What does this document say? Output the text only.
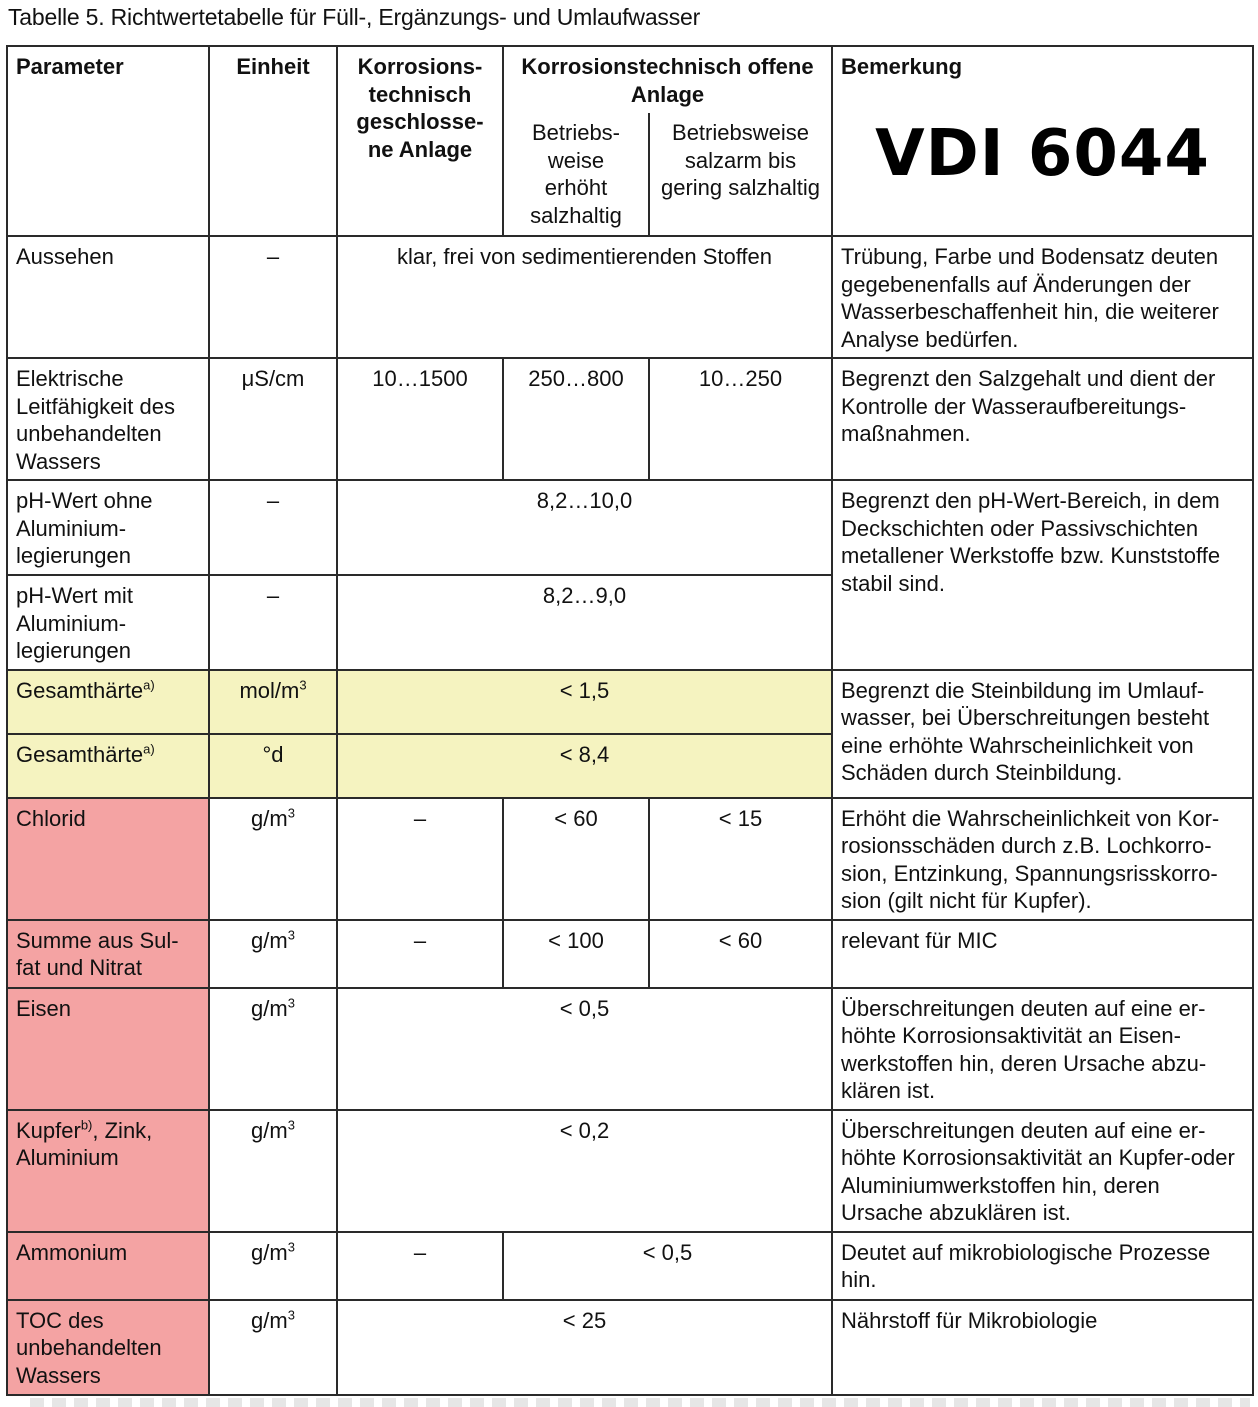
Tabelle 5. Richtwertetabelle für Füll-, Ergänzungs- und Umlaufwasser
Parameter	Einheit	Korrosions-technisch geschlosse-ne Anlage	Korrosionstechnisch offene Anlage		Bemerkung
VDI 6044

			Betriebs-weise erhöht salzhaltig	Betriebsweise salzarm bis gering salzhaltig	
Aussehen	–	klar, frei von sedimentierenden Stoffen			Trübung, Farbe und Bodensatz deuten gegebenenfalls auf Änderungen der Wasserbeschaffenheit hin, die weiterer Analyse bedürfen.
Elektrische Leitfähigkeit des unbehandelten Wassers	μS/cm	10…1500	250…800	10…250	Begrenzt den Salzgehalt und dient der Kontrolle der Wasseraufbereitungs-maßnahmen.
pH-Wert ohne Aluminium-legierungen	–	8,2…10,0			Begrenzt den pH-Wert-Bereich, in dem Deckschichten oder Passivschichten metallener Werkstoffe bzw. Kunststoffe stabil sind.
pH-Wert mit Aluminium-legierungen	–	8,2…9,0			
Gesamthärte$^{a)}$	mol/$m^3$	< 1,5			Begrenzt die Steinbildung im Umlauf-wasser, bei Überschreitungen besteht eine erhöhte Wahrscheinlichkeit von Schäden durch Steinbildung.
Gesamthärte$^{a)}$	°d	< 8,4			
Chlorid	$g/m^3$	–	< 60	< 15	Erhöht die Wahrscheinlichkeit von Kor-rosionsschäden durch z.B. Lochkorro-sion, Entzinkung, Spannungsrisskorro-sion (gilt nicht für Kupfer).
Summe aus Sul-fat und Nitrat	$g/m^3$	–	< 100	< 60	relevant für MIC
Eisen	$g/m^3$	< 0,5			Überschreitungen deuten auf eine er-höhte Korrosionsaktivität an Eisen-werkstoffen hin, deren Ursache abzu-klären ist.
Kupfer$^{b)}$, Zink, Aluminium	$g/m^3$	< 0,2			Überschreitungen deuten auf eine er-höhte Korrosionsaktivität an Kupfer-oder Aluminiumwerkstoffen hin, deren Ursache abzuklären ist.
Ammonium	$g/m^3$	–	< 0,5		Deutet auf mikrobiologische Prozesse hin.
TOC des unbehandelten Wassers	$g/m^3$	< 25			Nährstoff für Mikrobiologie
